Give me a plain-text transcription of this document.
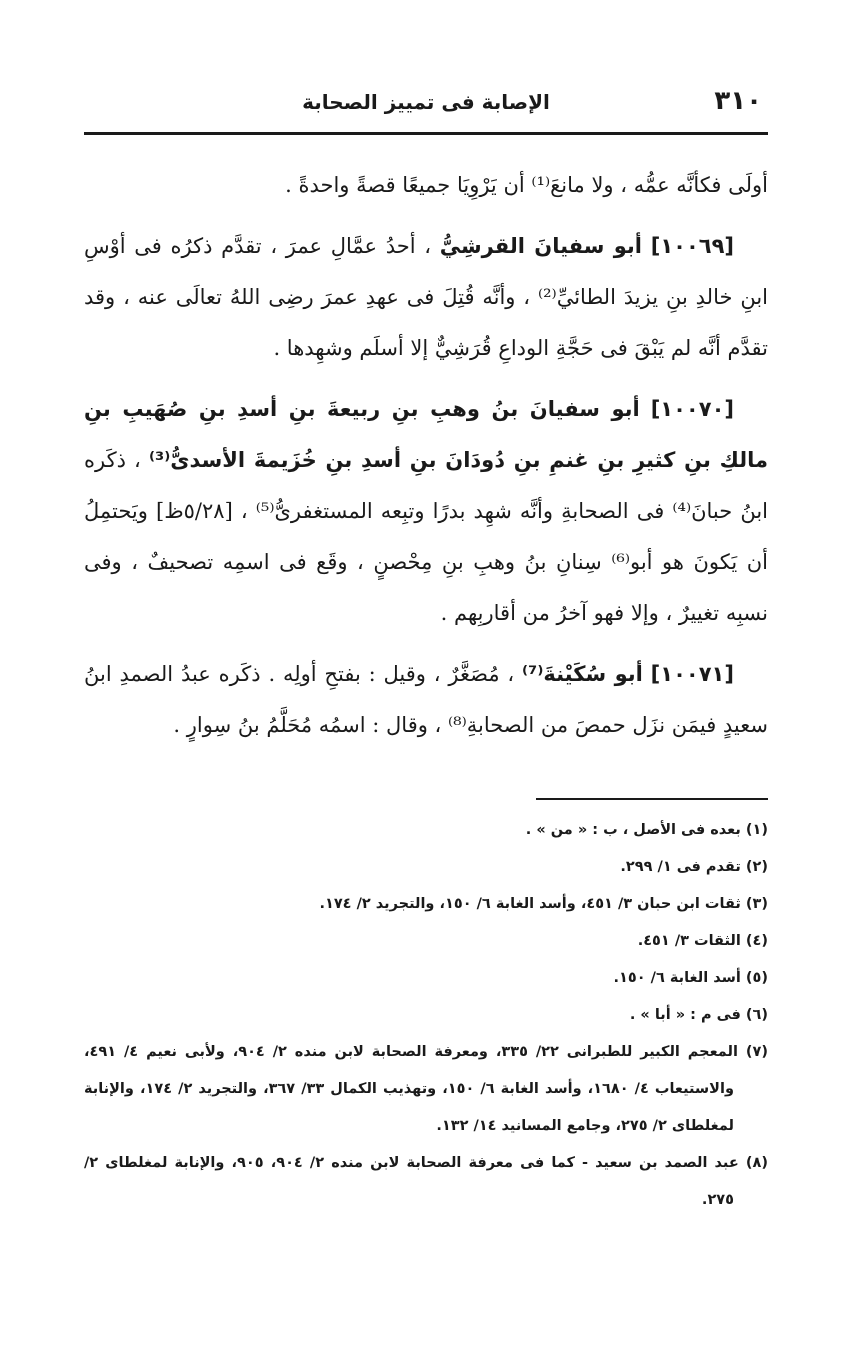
٣١٠
الإصابة فى تمييز الصحابة

أولَى فكأنَّه عمُّه ، ولا مانعَ⁽¹⁾ أن يَرْوِيَا جميعًا قصةً واحدةً .

[١٠٠٦٩] أبو سفيانَ القرشِيُّ ، أحدُ عمَّالِ عمرَ ، تقدَّم ذكرُه فى أوْسِ ابنِ خالدِ بنِ يزيدَ الطائيِّ⁽²⁾ ، وأنَّه قُتِلَ فى عهدِ عمرَ رضِى اللهُ تعالَى عنه ، وقد تقدَّم أنَّه لم يَبْقَ فى حَجَّةِ الوداعِ قُرَشِيٌّ إلا أسلَم وشهِدها .

[١٠٠٧٠] أبو سفيانَ بنُ وهبِ بنِ ربيعةَ بنِ أسدِ بنِ صُهَيبِ بنِ مالكِ بنِ كثيرِ بنِ غنمِ بنِ دُودَانَ بنِ أسدِ بنِ خُزَيمةَ الأسدىُّ⁽³⁾ ، ذكَره ابنُ حبانَ⁽⁴⁾ فى الصحابةِ وأنَّه شهِد بدرًا وتبِعه المستغفرىُّ⁽⁵⁾ ، [٥/٢٨ظ] ويَحتمِلُ أن يَكونَ هو أبو⁽⁶⁾ سِنانِ بنُ وهبِ بنِ مِحْصنٍ ، وقَع فى اسمِه تصحيفٌ ، وفى نسبِه تغييرٌ ، وإلا فهو آخرُ من أقاربِهم .

[١٠٠٧١] أبو سُكَيْنةَ⁽⁷⁾ ، مُصَغَّرٌ ، وقيل : بفتحِ أولِه . ذكَره عبدُ الصمدِ ابنُ سعيدٍ فيمَن نزَل حمصَ من الصحابةِ⁽⁸⁾ ، وقال : اسمُه مُحَلَّمُ بنُ سِوارٍ .

(١) بعده فى الأصل ، ب : « من » .

(٢) تقدم فى ١/ ٢٩٩.

(٣) ثقات ابن حبان ٣/ ٤٥١، وأسد الغابة ٦/ ١٥٠، والتجريد ٢/ ١٧٤.

(٤) الثقات ٣/ ٤٥١.

(٥) أسد الغابة ٦/ ١٥٠.

(٦) فى م : « أبا » .

(٧) المعجم الكبير للطبرانى ٢٢/ ٣٣٥، ومعرفة الصحابة لابن منده ٢/ ٩٠٤، ولأبى نعيم ٤/ ٤٩١، والاستيعاب ٤/ ١٦٨٠، وأسد الغابة ٦/ ١٥٠، وتهذيب الكمال ٣٣/ ٣٦٧، والتجريد ٢/ ١٧٤، والإنابة لمغلطاى ٢/ ٢٧٥، وجامع المسانيد ١٤/ ١٣٢.

(٨) عبد الصمد بن سعيد - كما فى معرفة الصحابة لابن منده ٢/ ٩٠٤، ٩٠٥، والإنابة لمغلطاى ٢/ ٢٧٥.
